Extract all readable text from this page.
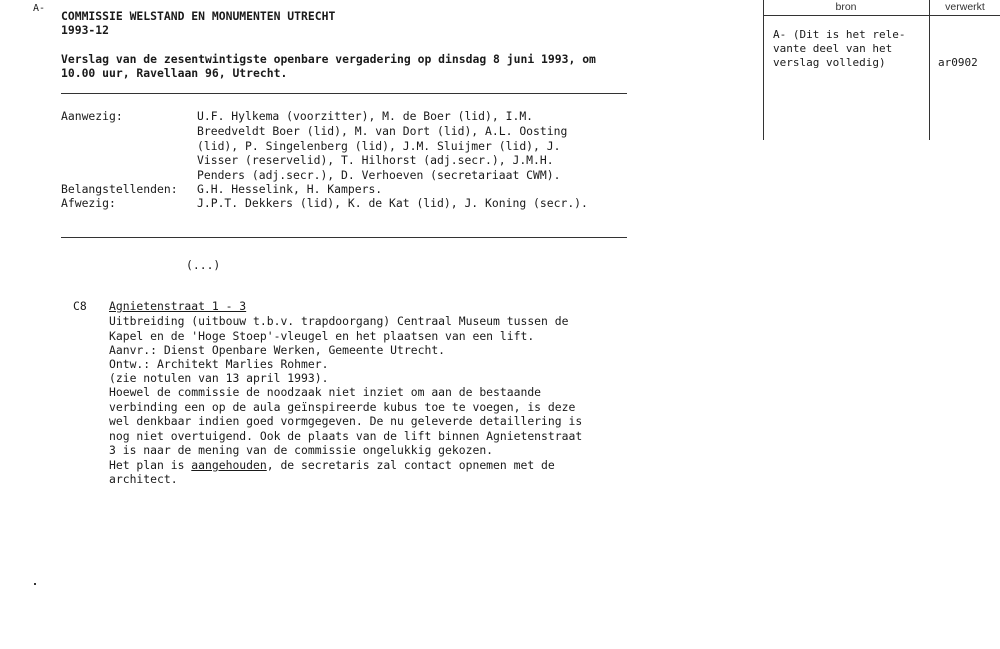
A-
COMMISSIE WELSTAND EN MONUMENTEN UTRECHT
1993-12
Verslag van de zesentwintigste openbare vergadering op dinsdag 8 juni 1993, om
10.00 uur, Ravellaan 96, Utrecht.
Aanwezig:	U.F. Hylkema (voorzitter), M. de Boer (lid), I.M.
Breedveldt Boer (lid), M. van Dort (lid), A.L. Oosting
(lid), P. Singelenberg (lid), J.M. Sluijmer (lid), J.
Visser (reservelid), T. Hilhorst (adj.secr.), J.M.H.
Penders (adj.secr.), D. Verhoeven (secretariaat CWM).
Belangstellenden: G.H. Hesselink, H. Kampers.
Afwezig:	J.P.T. Dekkers (lid), K. de Kat (lid), J. Koning (secr.).
(...)
C8 Agnietenstraat 1 - 3
Uitbreiding (uitbouw t.b.v. trapdoorgang) Centraal Museum tussen de
Kapel en de 'Hoge Stoep'-vleugel en het plaatsen van een lift.
Aanvr.: Dienst Openbare Werken, Gemeente Utrecht.
Ontw.: Architekt Marlies Rohmer.
(zie notulen van 13 april 1993).
Hoewel de commissie de noodzaak niet inziet om aan de bestaande
verbinding een op de aula geïnspireerde kubus toe te voegen, is deze
wel denkbaar indien goed vormgegeven. De nu geleverde detaillering is
nog niet overtuigend. Ook de plaats van de lift binnen Agnietenstraat
3 is naar de mening van de commissie ongelukkig gekozen.
Het plan is aangehouden, de secretaris zal contact opnemen met de
architect.
bron	verwerkt
A- (Dit is het rele-
vante deel van het
verslag volledig)	ar0902
